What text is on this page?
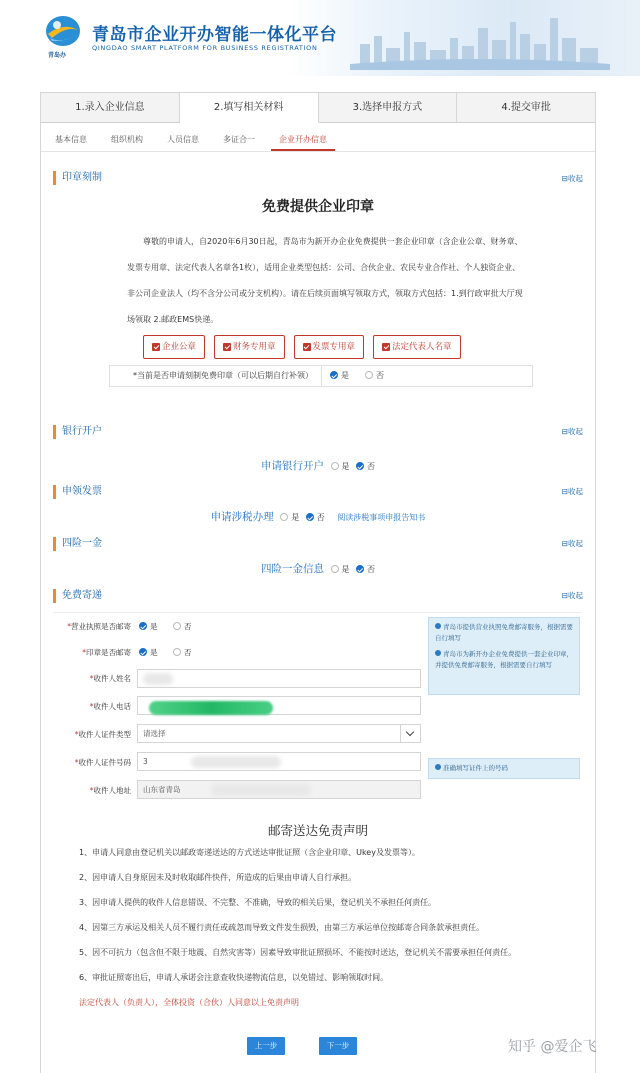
青岛办
青岛市企业开办智能一体化平台
QINGDAO SMART PLATFORM FOR BUSINESS REGISTRATION
1.录入企业信息	2.填写相关材料	3.选择申报方式	4.提交审批
基本信息	组织机构	人员信息	多证合一	企业开办信息
印章刻制	⊟收起
免费提供企业印章
尊敬的申请人，自2020年6月30日起，青岛市为新开办企业免费提供一套企业印章（含企业公章、财务章、发票专用章、法定代表人名章各1枚），适用企业类型包括：公司、合伙企业、农民专业合作社、个人独资企业、非公司企业法人（均不含分公司或分支机构）。请在后续页面填写领取方式，领取方式包括：1.到行政审批大厅现场领取 2.邮政EMS快递。
企业公章	财务专用章	发票专用章	法定代表人名章
*当前是否申请刻制免费印章（可以后期自行补领）	是	否
银行开户	⊟收起
申请银行开户 是 否
申领发票	⊟收起
申请涉税办理 是 否 阅读涉税事项申报告知书
四险一金	⊟收起
四险一金信息 是 否
免费寄递	⊟收起
*营业执照是否邮寄	是	否
*印章是否邮寄	是	否
*收件人姓名
*收件人电话
*收件人证件类型	请选择
*收件人证件号码	3
*收件人地址	山东省青岛
青岛市提供营业执照免费邮寄服务，根据需要自行填写
青岛市为新开办企业免费提供一套企业印章，并提供免费邮寄服务，根据需要自行填写
准确填写证件上的号码
邮寄送达免责声明
1、申请人同意由登记机关以邮政寄递送达的方式送达审批证照（含企业印章、Ukey及发票等）。
2、因申请人自身原因未及时收取邮件快件，所造成的后果由申请人自行承担。
3、因申请人提供的收件人信息错误、不完整、不准确，导致的相关后果，登记机关不承担任何责任。
4、因第三方承运及相关人员不履行责任或疏忽而导致文件发生损毁，由第三方承运单位按邮寄合同条款承担责任。
5、因不可抗力（包含但不限于地震、自然灾害等）因素导致审批证照损坏、不能按时送达，登记机关不需要承担任何责任。
6、审批证照寄出后，申请人承诺会注意查收快递物流信息，以免错过、影响领取时间。
法定代表人（负责人），全体投资（合伙）人同意以上免责声明
上一步	下一步	知乎 @爱企飞
